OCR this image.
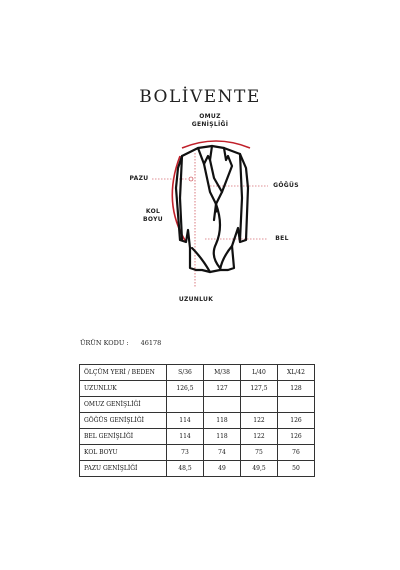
BOLİVENTE
OMUZ
GENİŞLİĞİ
PAZU
GÖĞÜS
KOL
BOYU
BEL
UZUNLUK
ÜRÜN KODU : 46178
ÖLÇÜM YERİ / BEDEN	S/36	M/38	L/40	XL/42
UZUNLUK	126,5	127	127,5	128
OMUZ GENİŞLİĞİ				
GÖĞÜS GENİŞLİĞİ	114	118	122	126
BEL GENİŞLİĞİ	114	118	122	126
KOL BOYU	73	74	75	76
PAZU GENİŞLİĞİ	48,5	49	49,5	50
